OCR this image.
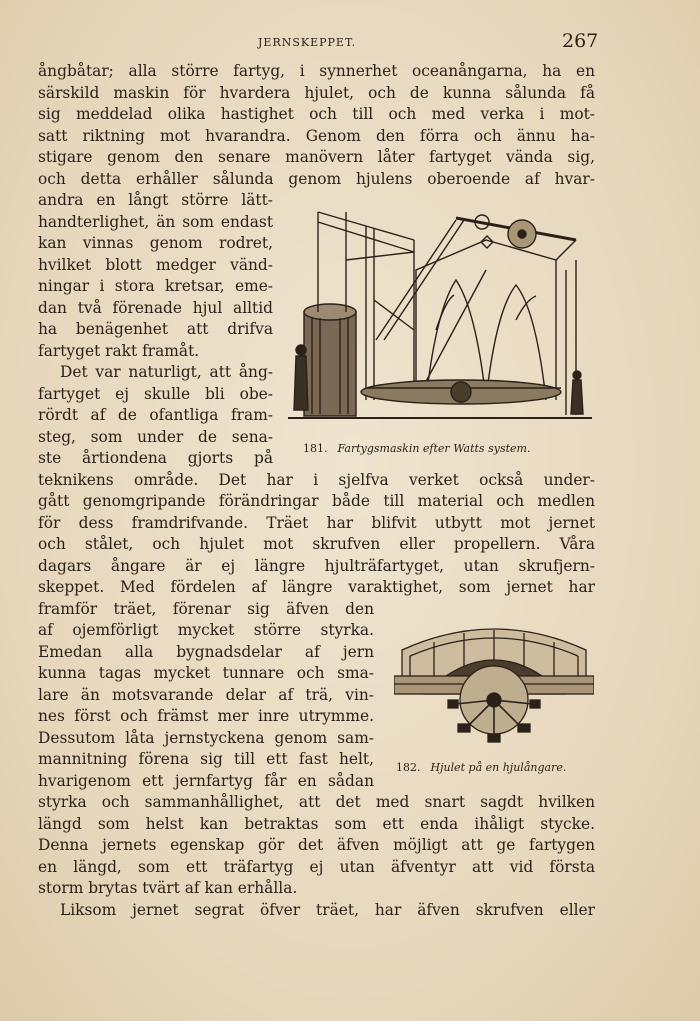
JERNSKEPPET.	267
ångbåtar; alla större fartyg, i synnerhet oceanångarna, ha en
särskild maskin för hvardera hjulet, och de kunna sålunda få
sig meddelad olika hastighet och till och med verka i mot-
satt riktning mot hvarandra. Genom den förra och ännu ha-
stigare genom den senare manövern låter fartyget vända sig,
och detta erhåller sålunda genom hjulens oberoende af hvar-
andra en långt större lätt-
handterlighet, än som endast
kan vinnas genom rodret,
hvilket blott medger vänd-
ningar i stora kretsar, eme-
dan två förenade hjul alltid
ha benägenhet att drifva
fartyget rakt framåt.
Det var naturligt, att ång-
fartyget ej skulle bli obe-
rördt af de ofantliga fram-
steg, som under de sena-
ste årtiondena gjorts på
teknikens område. Det har i sjelfva verket också under-
gått genomgripande förändringar både till material och medlen
för dess framdrifvande. Träet har blifvit utbytt mot jernet
och stålet, och hjulet mot skrufven eller propellern. Våra
dagars ångare är ej längre hjulträfartyget, utan skrufjern-
skeppet. Med fördelen af längre varaktighet, som jernet har
framför träet, förenar sig äfven den
af ojemförligt mycket större styrka.
Emedan alla bygnadsdelar af jern
kunna tagas mycket tunnare och sma-
lare än motsvarande delar af trä, vin-
nes först och främst mer inre utrymme.
Dessutom låta jernstyckena genom sam-
mannitning förena sig till ett fast helt,
hvarigenom ett jernfartyg får en sådan
styrka och sammanhållighet, att det med snart sagdt hvilken
längd som helst kan betraktas som ett enda ihåligt stycke.
Denna jernets egenskap gör det äfven möjligt att ge fartygen
en längd, som ett träfartyg ej utan äfventyr att vid första
storm brytas tvärt af kan erhålla.
Liksom jernet segrat öfver träet, har äfven skrufven eller
181. Fartygsmaskin efter Watts system.
182. Hjulet på en hjulångare.
